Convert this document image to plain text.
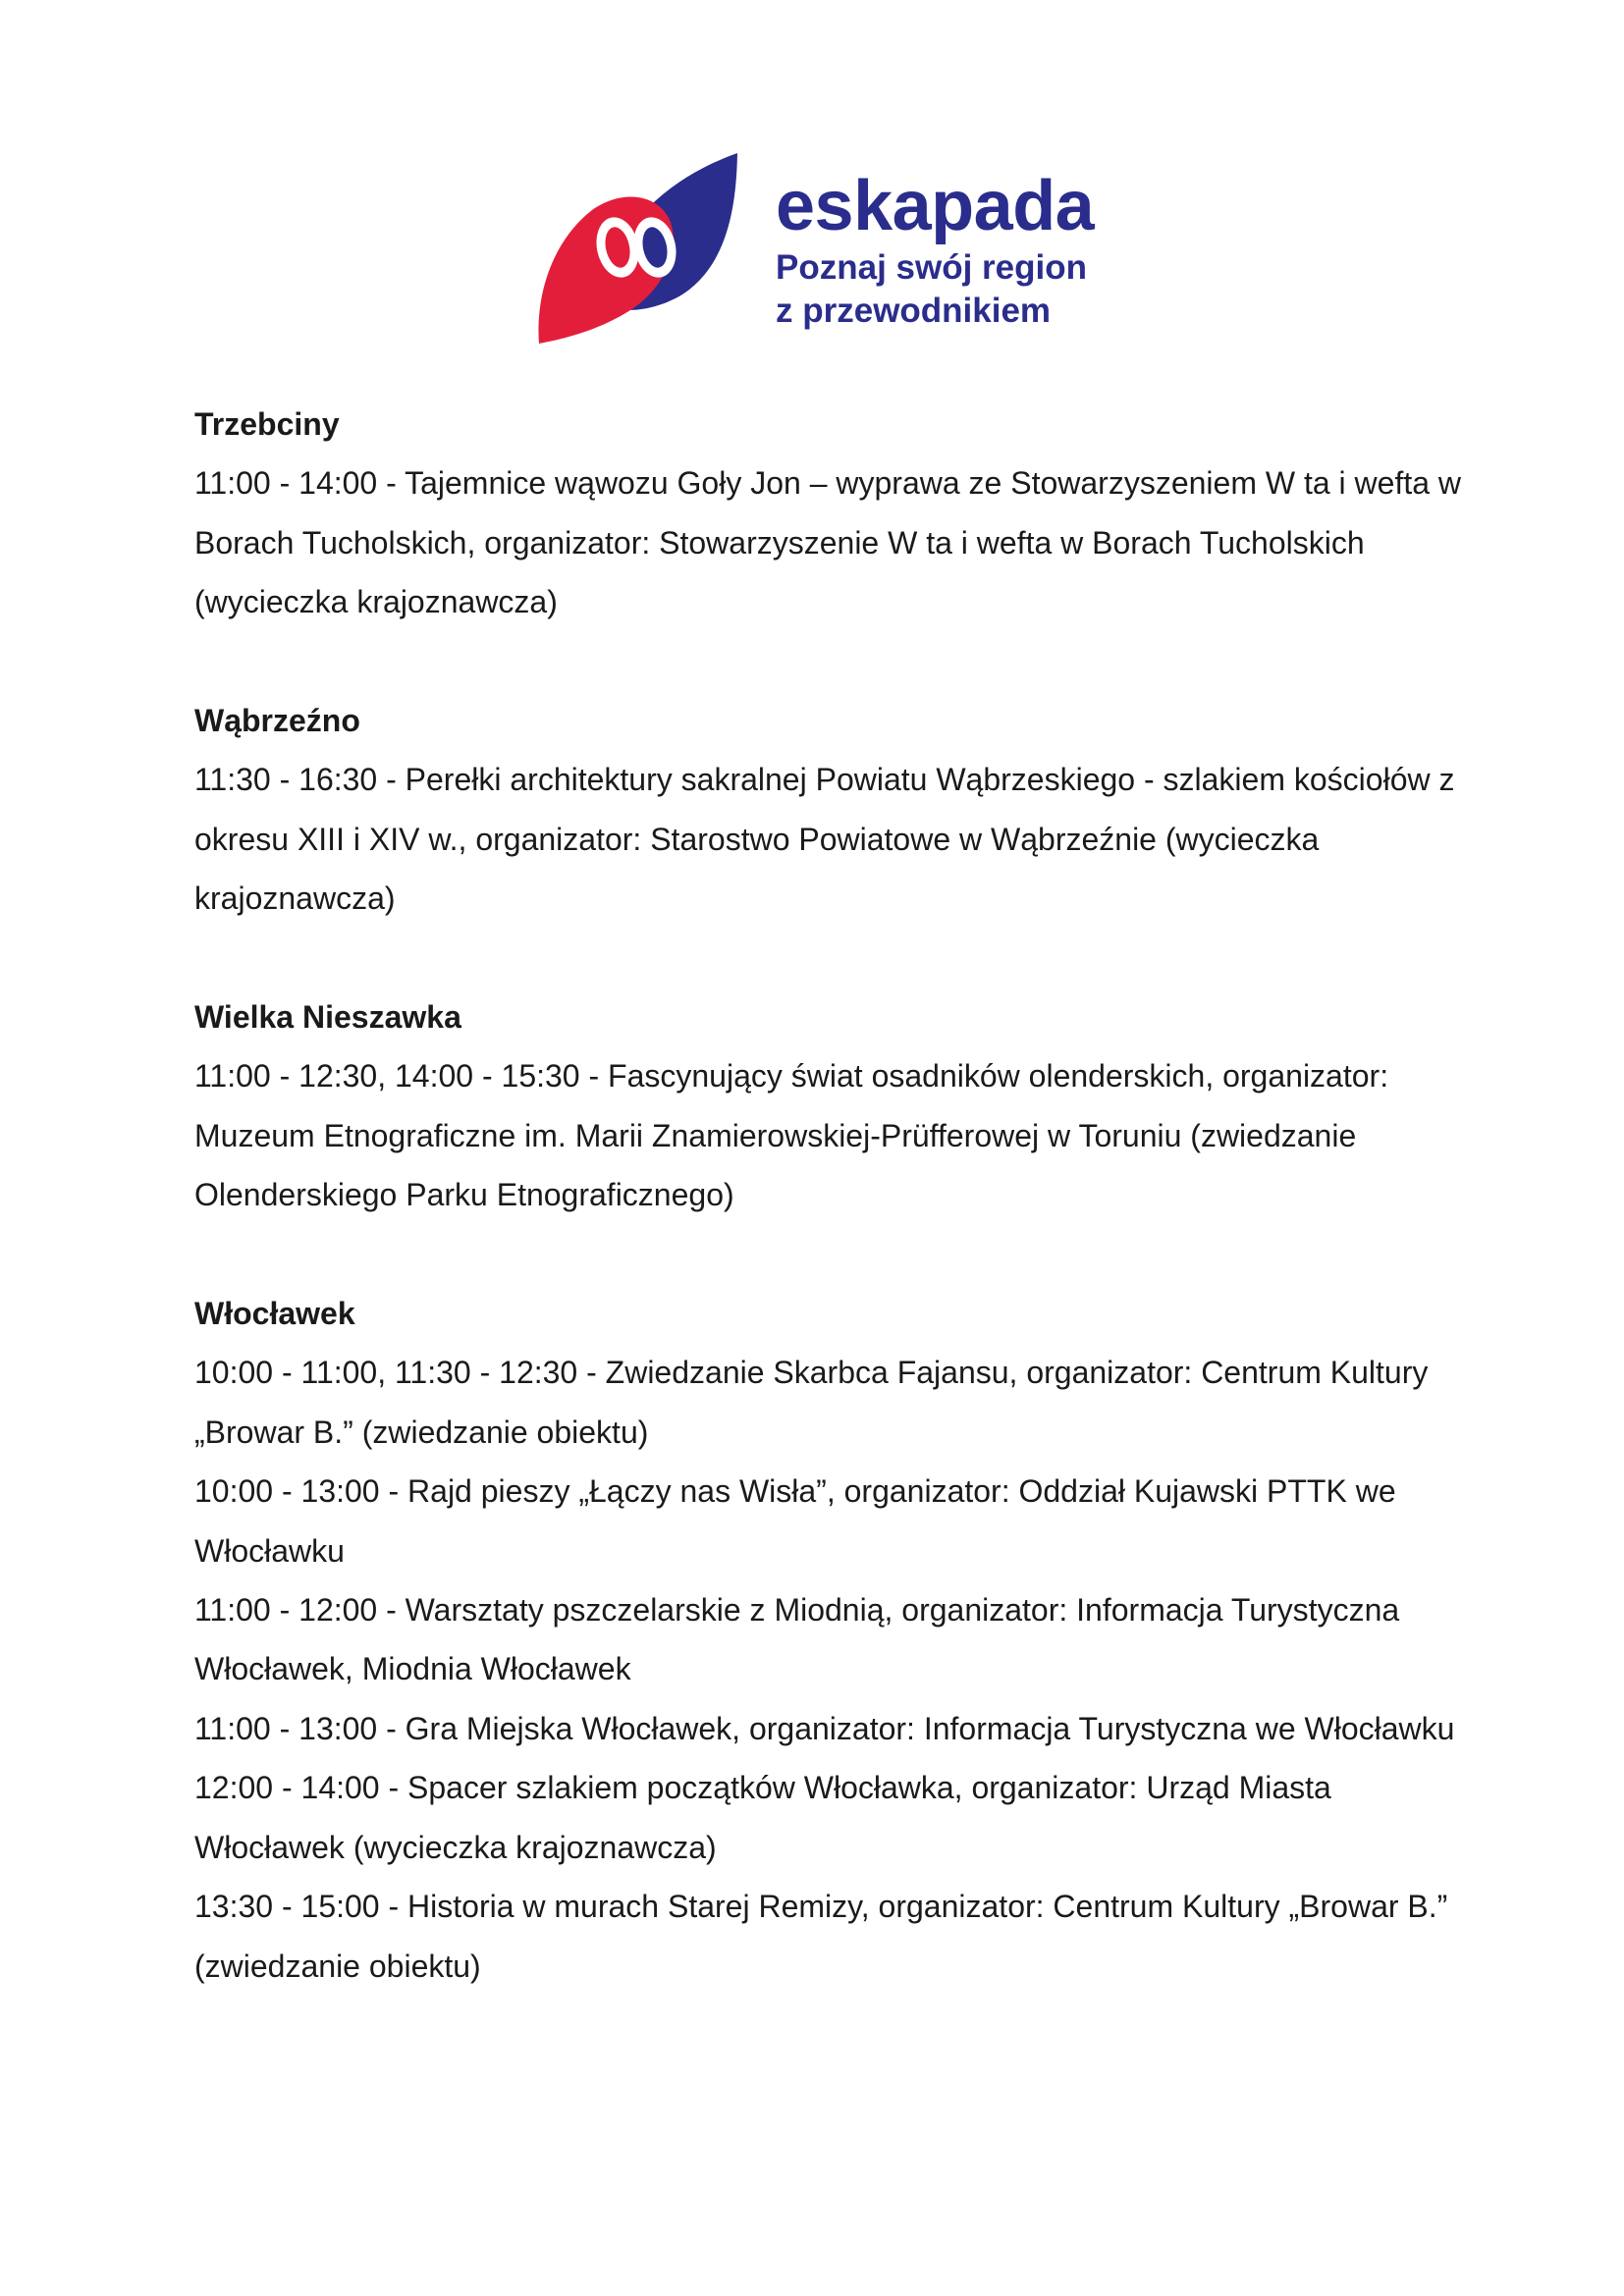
eskapada
Poznaj swój region
z przewodnikiem

Trzebciny

11:00 - 14:00 - Tajemnice wąwozu Goły Jon – wyprawa ze Stowarzyszeniem W ta i wefta w Borach Tucholskich, organizator: Stowarzyszenie W ta i wefta w Borach Tucholskich (wycieczka krajoznawcza)

Wąbrzeźno

11:30 - 16:30 - Perełki architektury sakralnej Powiatu Wąbrzeskiego - szlakiem kościołów z okresu XIII i XIV w., organizator: Starostwo Powiatowe w Wąbrzeźnie (wycieczka krajoznawcza)

Wielka Nieszawka

11:00 - 12:30, 14:00 - 15:30 - Fascynujący świat osadników olenderskich, organizator: Muzeum Etnograficzne im. Marii Znamierowskiej-Prüfferowej w Toruniu (zwiedzanie Olenderskiego Parku Etnograficznego)

Włocławek

10:00 - 11:00, 11:30 - 12:30 - Zwiedzanie Skarbca Fajansu, organizator: Centrum Kultury „Browar B.” (zwiedzanie obiektu)

10:00 - 13:00 - Rajd pieszy „Łączy nas Wisła”, organizator: Oddział Kujawski PTTK we Włocławku

11:00 - 12:00 - Warsztaty pszczelarskie z Miodnią, organizator: Informacja Turystyczna Włocławek, Miodnia Włocławek

11:00 - 13:00 - Gra Miejska Włocławek, organizator: Informacja Turystyczna we Włocławku

12:00 - 14:00 - Spacer szlakiem początków Włocławka, organizator: Urząd Miasta Włocławek (wycieczka krajoznawcza)

13:30 - 15:00 - Historia w murach Starej Remizy, organizator: Centrum Kultury „Browar B.” (zwiedzanie obiektu)
